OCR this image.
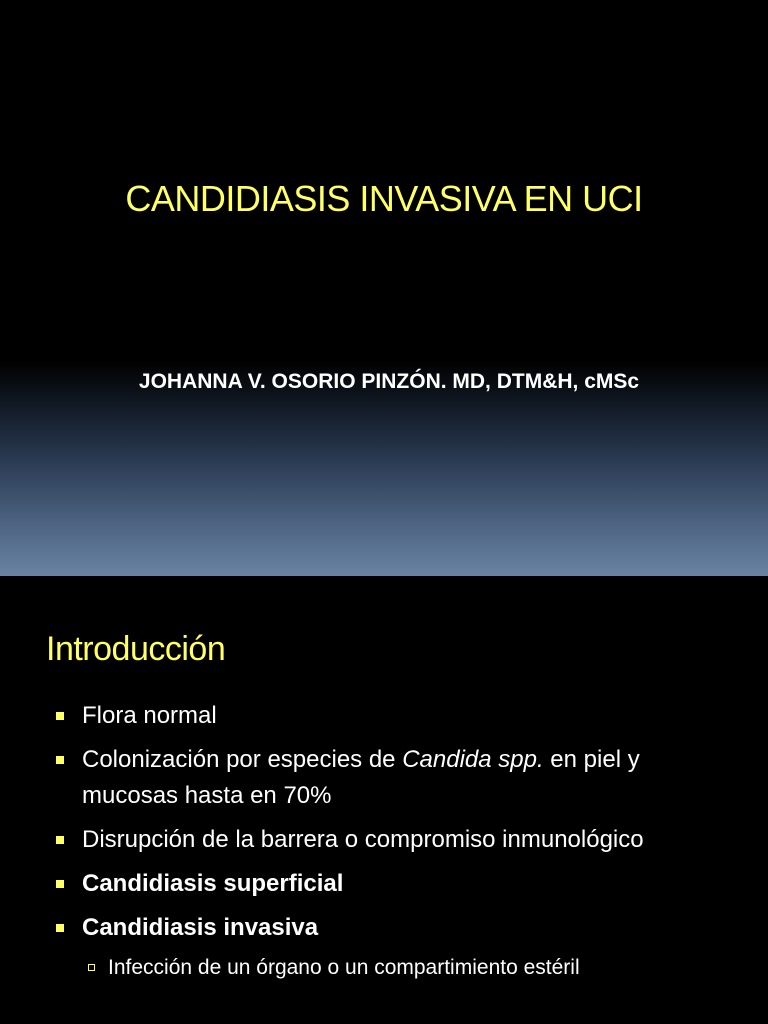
CANDIDIASIS INVASIVA EN UCI
JOHANNA V. OSORIO PINZÓN. MD, DTM&H, cMSc
Introducción
Flora normal
Colonización por especies de Candida spp. en piel y mucosas hasta en 70%
Disrupción de la barrera o compromiso inmunológico
Candidiasis superficial
Candidiasis invasiva
Infección de un órgano o un compartimiento estéril
